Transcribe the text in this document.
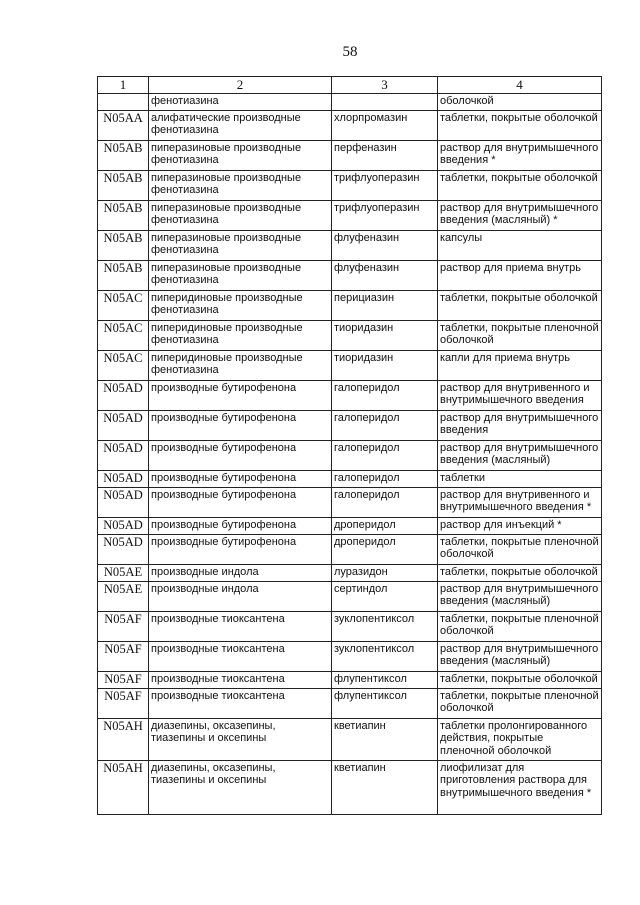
58
1	2	3	4
	фенотиазина		оболочкой
N05AA	алифатические производные фенотиазина	хлорпромазин	таблетки, покрытые оболочкой
N05AB	пиперазиновые производные фенотиазина	перфеназин	раствор для внутримышечного введения *
N05AB	пиперазиновые производные фенотиазина	трифлуоперазин	таблетки, покрытые оболочкой
N05AB	пиперазиновые производные фенотиазина	трифлуоперазин	раствор для внутримышечного введения (масляный) *
N05AB	пиперазиновые производные фенотиазина	флуфеназин	капсулы
N05AB	пиперазиновые производные фенотиазина	флуфеназин	раствор для приема внутрь
N05AC	пиперидиновые производные фенотиазина	перициазин	таблетки, покрытые оболочкой
N05AC	пиперидиновые производные фенотиазина	тиоридазин	таблетки, покрытые пленочной оболочкой
N05AC	пиперидиновые производные фенотиазина	тиоридазин	капли для приема внутрь
N05AD	производные бутирофенона	галоперидол	раствор для внутривенного и внутримышечного введения
N05AD	производные бутирофенона	галоперидол	раствор для внутримышечного введения
N05AD	производные бутирофенона	галоперидол	раствор для внутримышечного введения (масляный)
N05AD	производные бутирофенона	галоперидол	таблетки
N05AD	производные бутирофенона	галоперидол	раствор для внутривенного и внутримышечного введения *
N05AD	производные бутирофенона	дроперидол	раствор для инъекций *
N05AD	производные бутирофенона	дроперидол	таблетки, покрытые пленочной оболочкой
N05AE	производные индола	луразидон	таблетки, покрытые оболочкой
N05AE	производные индола	сертиндол	раствор для внутримышечного введения (масляный)
N05AF	производные тиоксантена	зуклопентиксол	таблетки, покрытые пленочной оболочкой
N05AF	производные тиоксантена	зуклопентиксол	раствор для внутримышечного введения (масляный)
N05AF	производные тиоксантена	флупентиксол	таблетки, покрытые оболочкой
N05AF	производные тиоксантена	флупентиксол	таблетки, покрытые пленочной оболочкой
N05AH	диазепины, оксазепины, тиазепины и оксепины	кветиапин	таблетки пролонгированного действия, покрытые пленочной оболочкой
N05AH	диазепины, оксазепины, тиазепины и оксепины	кветиапин	лиофилизат для приготовления раствора для внутримышечного введения *
